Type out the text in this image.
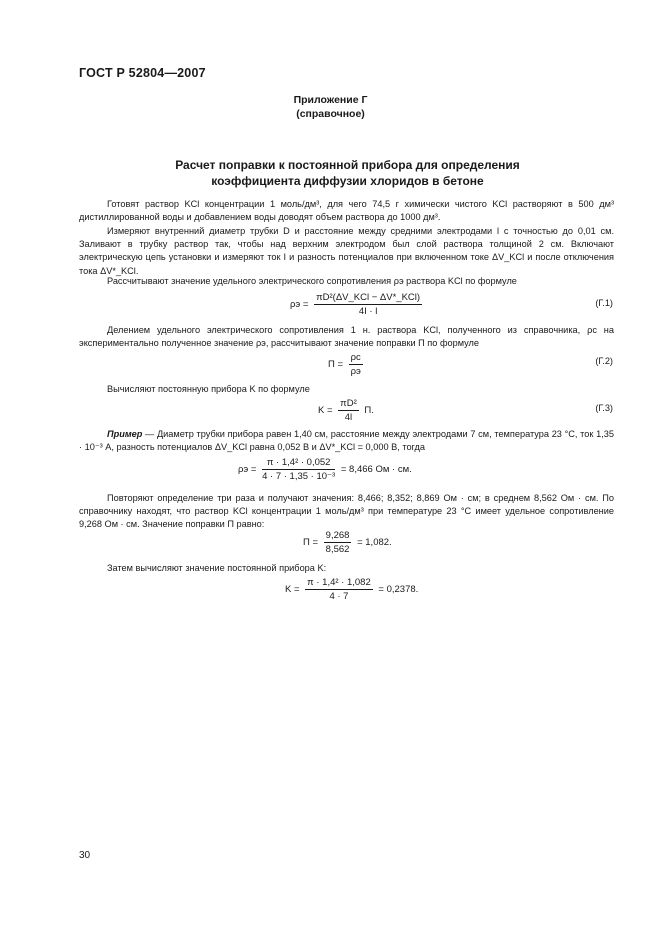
ГОСТ Р 52804—2007
Приложение Г
(справочное)
Расчет поправки к постоянной прибора для определения
коэффициента диффузии хлоридов в бетоне
Готовят раствор KCl концентрации 1 моль/дм³, для чего 74,5 г химически чистого KCl растворяют в 500 дм³ дистиллированной воды и добавлением воды доводят объем раствора до 1000 дм³.
Измеряют внутренний диаметр трубки D и расстояние между средними электродами l с точностью до 0,01 см. Заливают в трубку раствор так, чтобы над верхним электродом был слой раствора толщиной 2 см. Включают электрическую цепь установки и измеряют ток I и разность потенциалов при включенном токе ΔV_KCl и после отключения тока ΔV*_KCl.
Рассчитывают значение удельного электрического сопротивления ρэ раствора KCl по формуле
$\rho э = \frac{\text{πD²(ΔV\_KCl − ΔV*\_KCl)}}{4I \cdot l}$	(Г.1)
Делением удельного электрического сопротивления 1 н. раствора KCl, полученного из справочника, ρс на экспериментально полученное значение ρэ, рассчитывают значение поправки П по формуле
$П = \frac{\rho с}{\rho э}$	(Г.2)
Вычисляют постоянную прибора K по формуле
$K = \frac{\text{πD²}}{4l} П$.	(Г.3)
Пример — Диаметр трубки прибора равен 1,40 см, расстояние между электродами 7 см, температура 23 °С, ток 1,35 · 10⁻³ А, разность потенциалов ΔV_KCl равна 0,052 В и ΔV*_KCl = 0,000 В, тогда
$\rho э = \frac{\text{π · 1,4² · 0,052}}{\text{4 · 7 · 1,35 · 10⁻³}} = 8,466$ Ом · см.
Повторяют определение три раза и получают значения: 8,466; 8,352; 8,869 Ом · см; в среднем 8,562 Ом · см. По справочнику находят, что раствор KCl концентрации 1 моль/дм³ при температуре 23 °С имеет удельное сопротивление 9,268 Ом · см. Значение поправки П равно:
$П = \frac{9,268}{8,562} = 1,082$.
Затем вычисляют значение постоянной прибора K:
$K = \frac{\text{π · 1,4² · 1,082}}{4 \cdot 7} = 0,2378$.
30
